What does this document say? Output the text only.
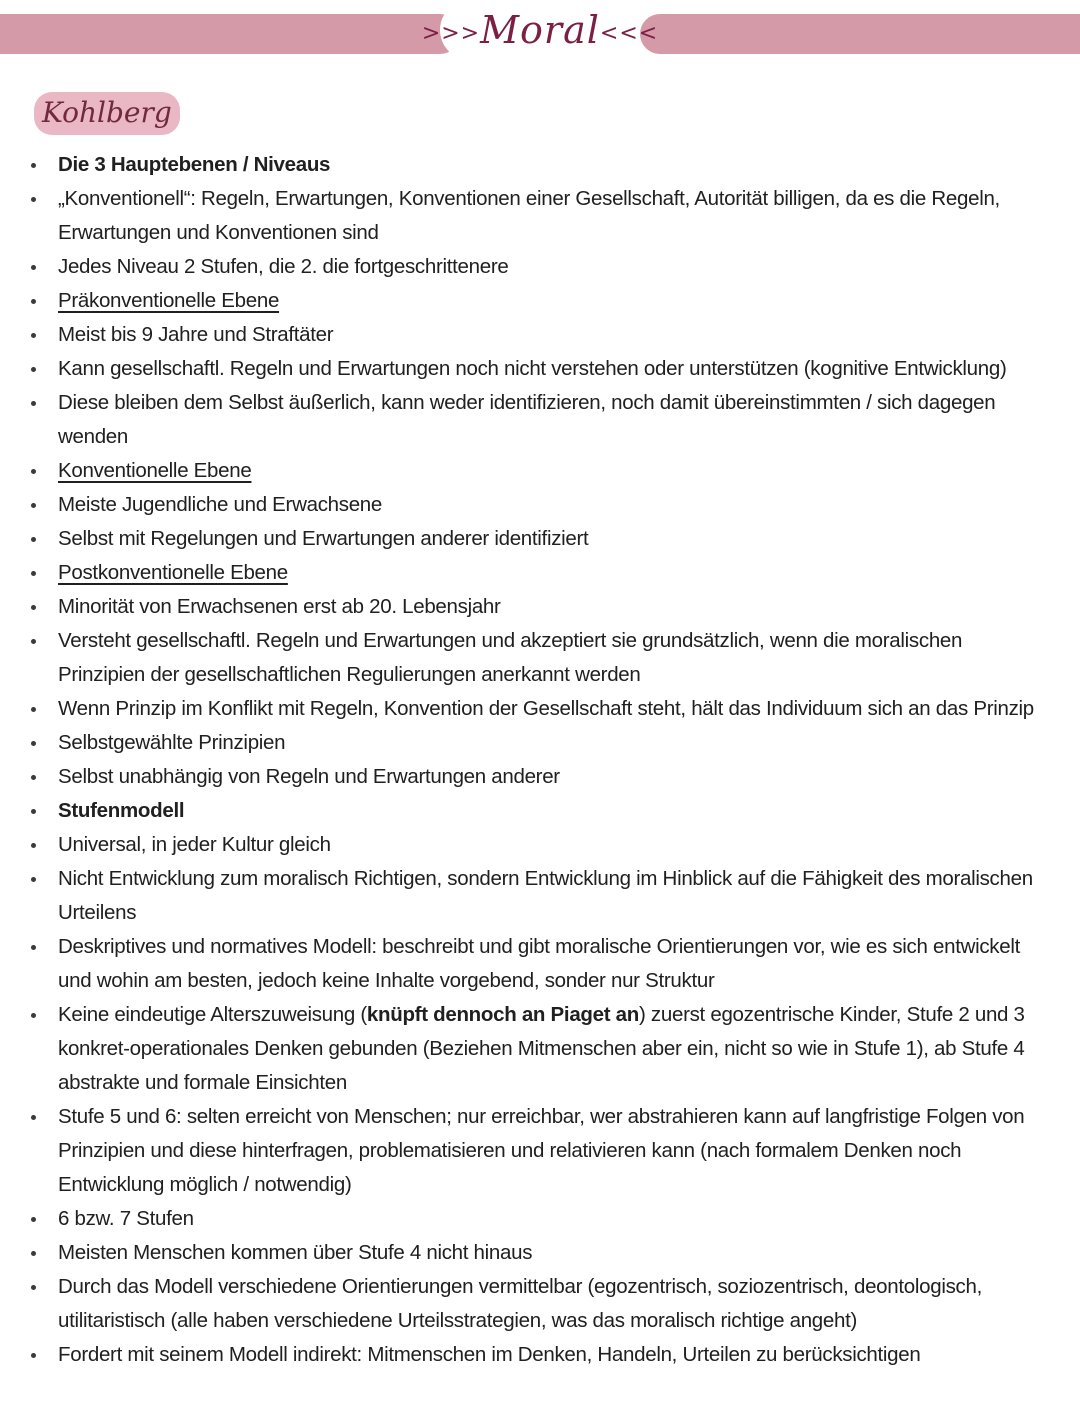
>>>Moral<<<
Kohlberg
Die 3 Hauptebenen / Niveaus
„Konventionell“: Regeln, Erwartungen, Konventionen einer Gesellschaft, Autorität billigen, da es die Regeln, Erwartungen und Konventionen sind
Jedes Niveau 2 Stufen, die 2. die fortgeschrittenere
Präkonventionelle Ebene
Meist bis 9 Jahre und Straftäter
Kann gesellschaftl. Regeln und Erwartungen noch nicht verstehen oder unterstützen (kognitive Entwicklung)
Diese bleiben dem Selbst äußerlich, kann weder identifizieren, noch damit übereinstimmten / sich dagegen wenden
Konventionelle Ebene
Meiste Jugendliche und Erwachsene
Selbst mit Regelungen und Erwartungen anderer identifiziert
Postkonventionelle Ebene
Minorität von Erwachsenen erst ab 20. Lebensjahr
Versteht gesellschaftl. Regeln und Erwartungen und akzeptiert sie grundsätzlich, wenn die moralischen Prinzipien der gesellschaftlichen Regulierungen anerkannt werden
Wenn Prinzip im Konflikt mit Regeln, Konvention der Gesellschaft steht, hält das Individuum sich an das Prinzip
Selbstgewählte Prinzipien
Selbst unabhängig von Regeln und Erwartungen anderer
Stufenmodell
Universal, in jeder Kultur gleich
Nicht Entwicklung zum moralisch Richtigen, sondern Entwicklung im Hinblick auf die Fähigkeit des moralischen Urteilens
Deskriptives und normatives Modell: beschreibt und gibt moralische Orientierungen vor, wie es sich entwickelt und wohin am besten, jedoch keine Inhalte vorgebend, sonder nur Struktur
Keine eindeutige Alterszuweisung (knüpft dennoch an Piaget an) zuerst egozentrische Kinder, Stufe 2 und 3 konkret-operationales Denken gebunden (Beziehen Mitmenschen aber ein, nicht so wie in Stufe 1), ab Stufe 4 abstrakte und formale Einsichten
Stufe 5 und 6: selten erreicht von Menschen; nur erreichbar, wer abstrahieren kann auf langfristige Folgen von Prinzipien und diese hinterfragen, problematisieren und relativieren kann (nach formalem Denken noch Entwicklung möglich / notwendig)
6 bzw. 7 Stufen
Meisten Menschen kommen über Stufe 4 nicht hinaus
Durch das Modell verschiedene Orientierungen vermittelbar (egozentrisch, soziozentrisch, deontologisch, utilitaristisch (alle haben verschiedene Urteilsstrategien, was das moralisch richtige angeht)
Fordert mit seinem Modell indirekt: Mitmenschen im Denken, Handeln, Urteilen zu berücksichtigen
